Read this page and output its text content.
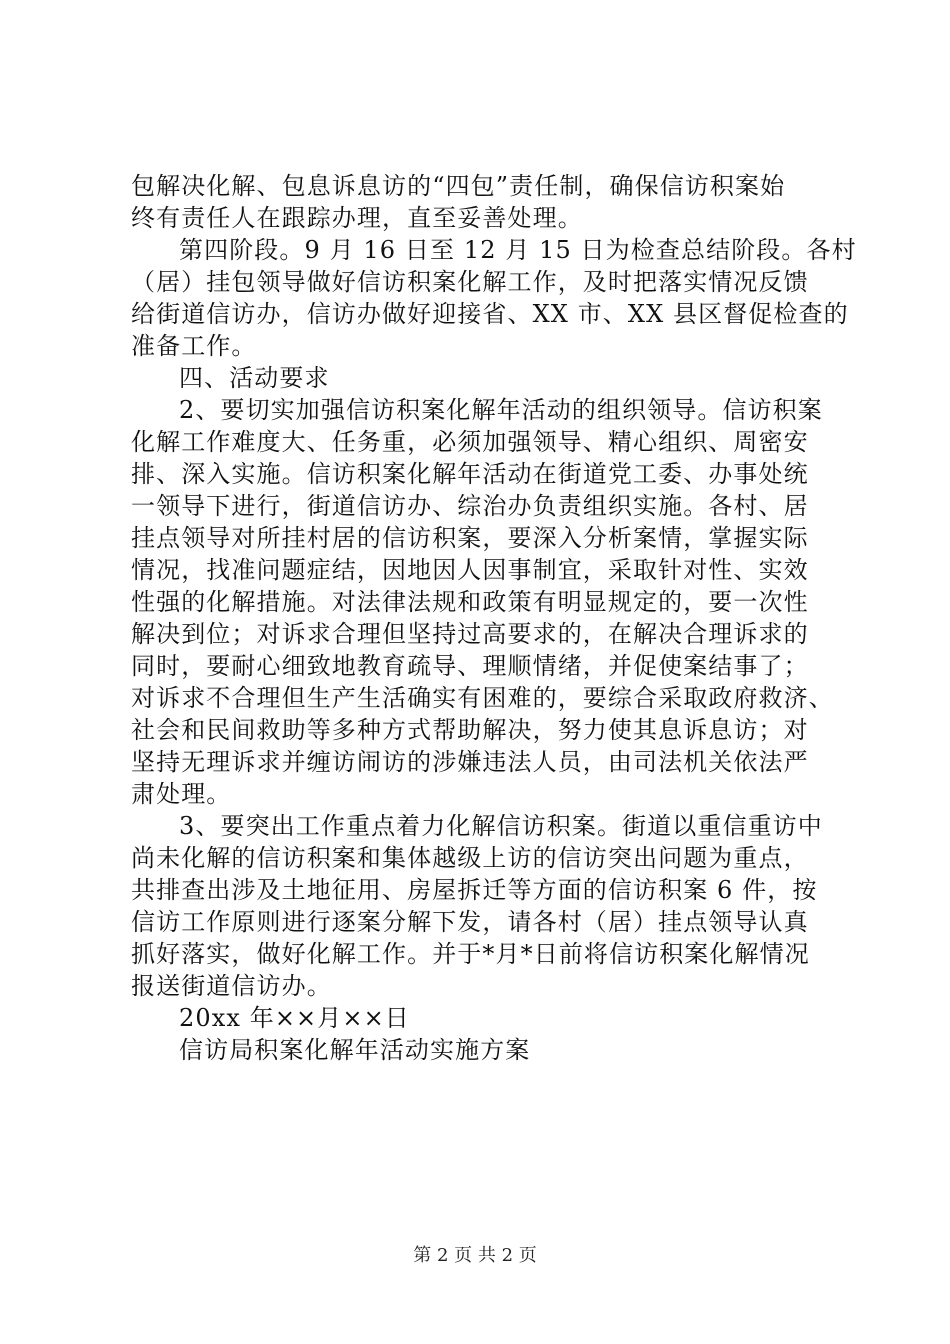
包解决化解、包息诉息访的“四包”责任制，确保信访积案始
终有责任人在跟踪办理，直至妥善处理。
第四阶段。9 月 16 日至 12 月 15 日为检查总结阶段。各村
（居）挂包领导做好信访积案化解工作，及时把落实情况反馈
给街道信访办，信访办做好迎接省、XX 市、XX 县区督促检查的
准备工作。
四、活动要求
2、要切实加强信访积案化解年活动的组织领导。信访积案
化解工作难度大、任务重，必须加强领导、精心组织、周密安
排、深入实施。信访积案化解年活动在街道党工委、办事处统
一领导下进行，街道信访办、综治办负责组织实施。各村、居
挂点领导对所挂村居的信访积案，要深入分析案情，掌握实际
情况，找准问题症结，因地因人因事制宜，采取针对性、实效
性强的化解措施。对法律法规和政策有明显规定的，要一次性
解决到位；对诉求合理但坚持过高要求的，在解决合理诉求的
同时，要耐心细致地教育疏导、理顺情绪，并促使案结事了；
对诉求不合理但生产生活确实有困难的，要综合采取政府救济、
社会和民间救助等多种方式帮助解决，努力使其息诉息访；对
坚持无理诉求并缠访闹访的涉嫌违法人员，由司法机关依法严
肃处理。
3、要突出工作重点着力化解信访积案。街道以重信重访中
尚未化解的信访积案和集体越级上访的信访突出问题为重点，
共排查出涉及土地征用、房屋拆迁等方面的信访积案 6 件，按
信访工作原则进行逐案分解下发，请各村（居）挂点领导认真
抓好落实，做好化解工作。并于*月*日前将信访积案化解情况
报送街道信访办。
20xx 年××月××日
信访局积案化解年活动实施方案
第 2 页 共 2 页
